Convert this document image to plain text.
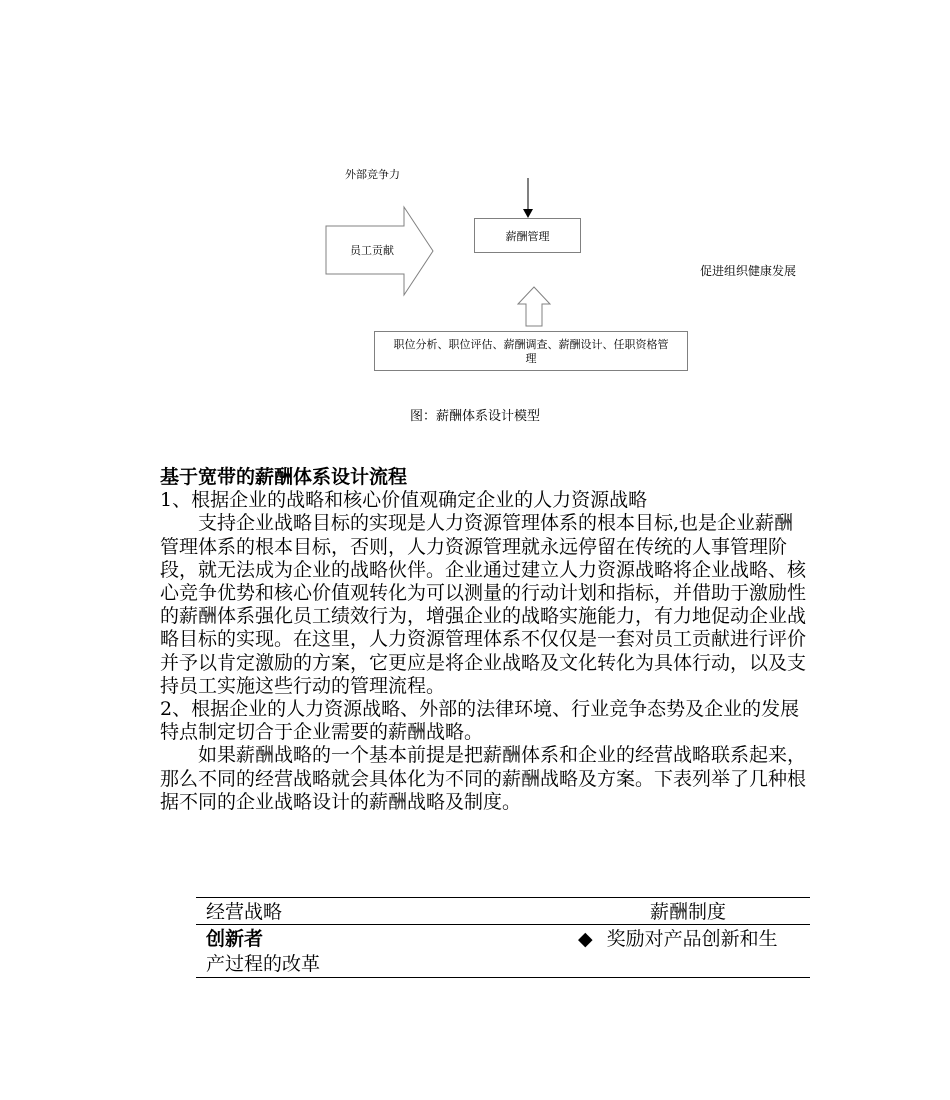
外部竞争力
员工贡献
薪酬管理
促进组织健康发展
职位分析、职位评估、薪酬调查、薪酬设计、任职资格管
理
图：薪酬体系设计模型

基于宽带的薪酬体系设计流程

1、根据企业的战略和核心价值观确定企业的人力资源战略

支持企业战略目标的实现是人力资源管理体系的根本目标,也是企业薪酬管理体系的根本目标，否则，人力资源管理就永远停留在传统的人事管理阶段，就无法成为企业的战略伙伴。企业通过建立人力资源战略将企业战略、核心竞争优势和核心价值观转化为可以测量的行动计划和指标，并借助于激励性的薪酬体系强化员工绩效行为，增强企业的战略实施能力，有力地促动企业战略目标的实现。在这里，人力资源管理体系不仅仅是一套对员工贡献进行评价并予以肯定激励的方案，它更应是将企业战略及文化转化为具体行动，以及支持员工实施这些行动的管理流程。

2、根据企业的人力资源战略、外部的法律环境、行业竞争态势及企业的发展特点制定切合于企业需要的薪酬战略。

如果薪酬战略的一个基本前提是把薪酬体系和企业的经营战略联系起来，那么不同的经营战略就会具体化为不同的薪酬战略及方案。下表列举了几种根据不同的企业战略设计的薪酬战略及制度。

经营战略	薪酬制度
创新者	◆ 奖励对产品创新和生
产过程的改革
